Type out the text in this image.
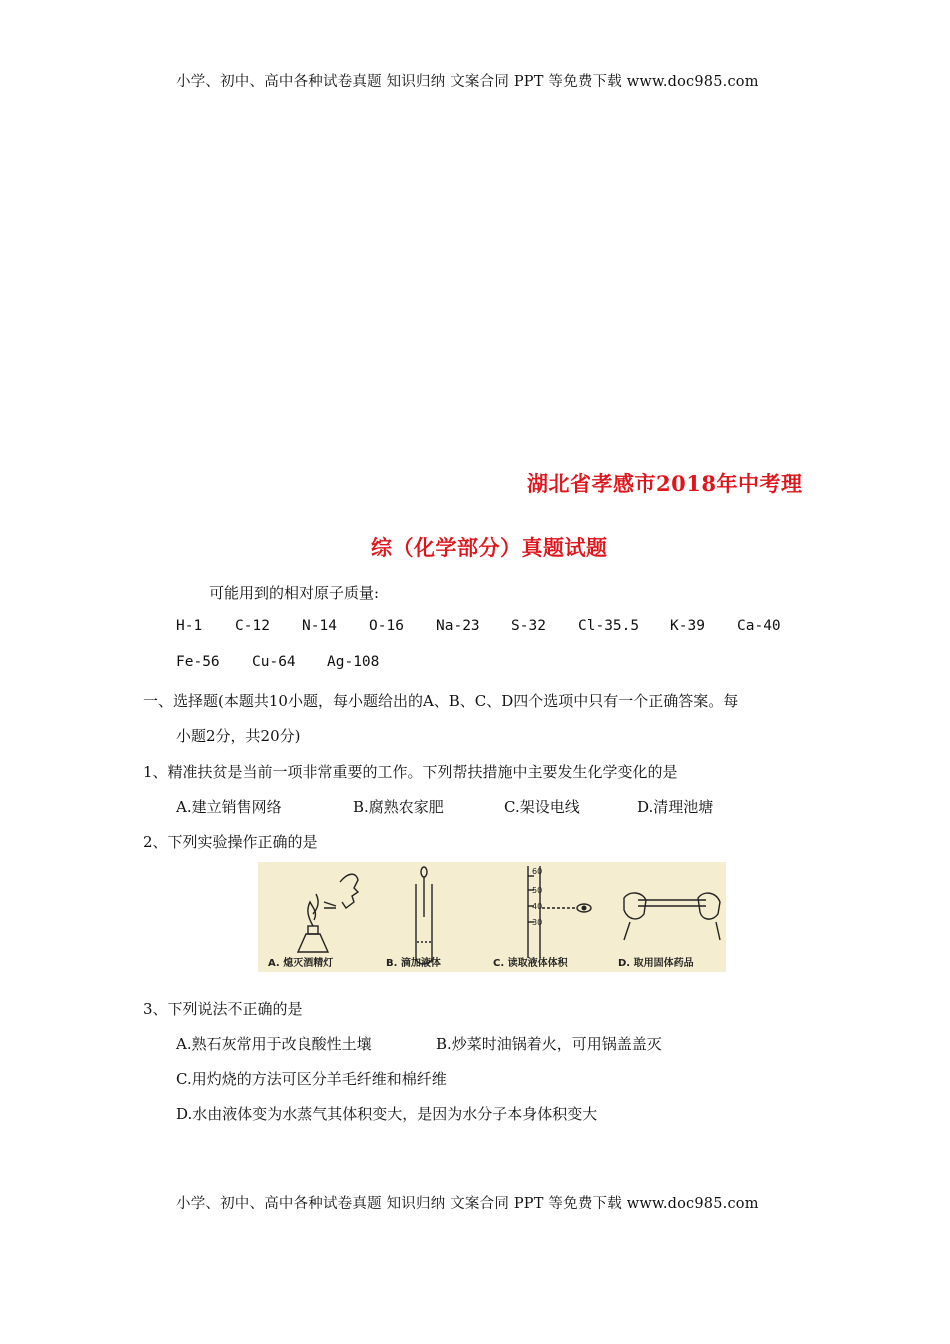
小学、初中、高中各种试卷真题 知识归纳 文案合同 PPT 等免费下载 www.doc985.com
湖北省孝感市2018年中考理
综（化学部分）真题试题
可能用到的相对原子质量:
H-1 C-12 N-14 O-16 Na-23 S-32 Cl-35.5 K-39 Ca-40
Fe-56 Cu-64 Ag-108
一、选择题(本题共10小题，每小题给出的A、B、C、D四个选项中只有一个正确答案。每
小题2分，共20分)
1、精准扶贫是当前一项非常重要的工作。下列帮扶措施中主要发生化学变化的是
A.建立销售网络	B.腐熟农家肥	C.架设电线	D.清理池塘
2、下列实验操作正确的是
60
50
40
30
A. 熄灭酒精灯	B. 滴加液体	C. 读取液体体积	D. 取用固体药品
3、下列说法不正确的是
A.熟石灰常用于改良酸性土壤	B.炒菜时油锅着火，可用锅盖盖灭
C.用灼烧的方法可区分羊毛纤维和棉纤维
D.水由液体变为水蒸气其体积变大，是因为水分子本身体积变大
小学、初中、高中各种试卷真题 知识归纳 文案合同 PPT 等免费下载 www.doc985.com
